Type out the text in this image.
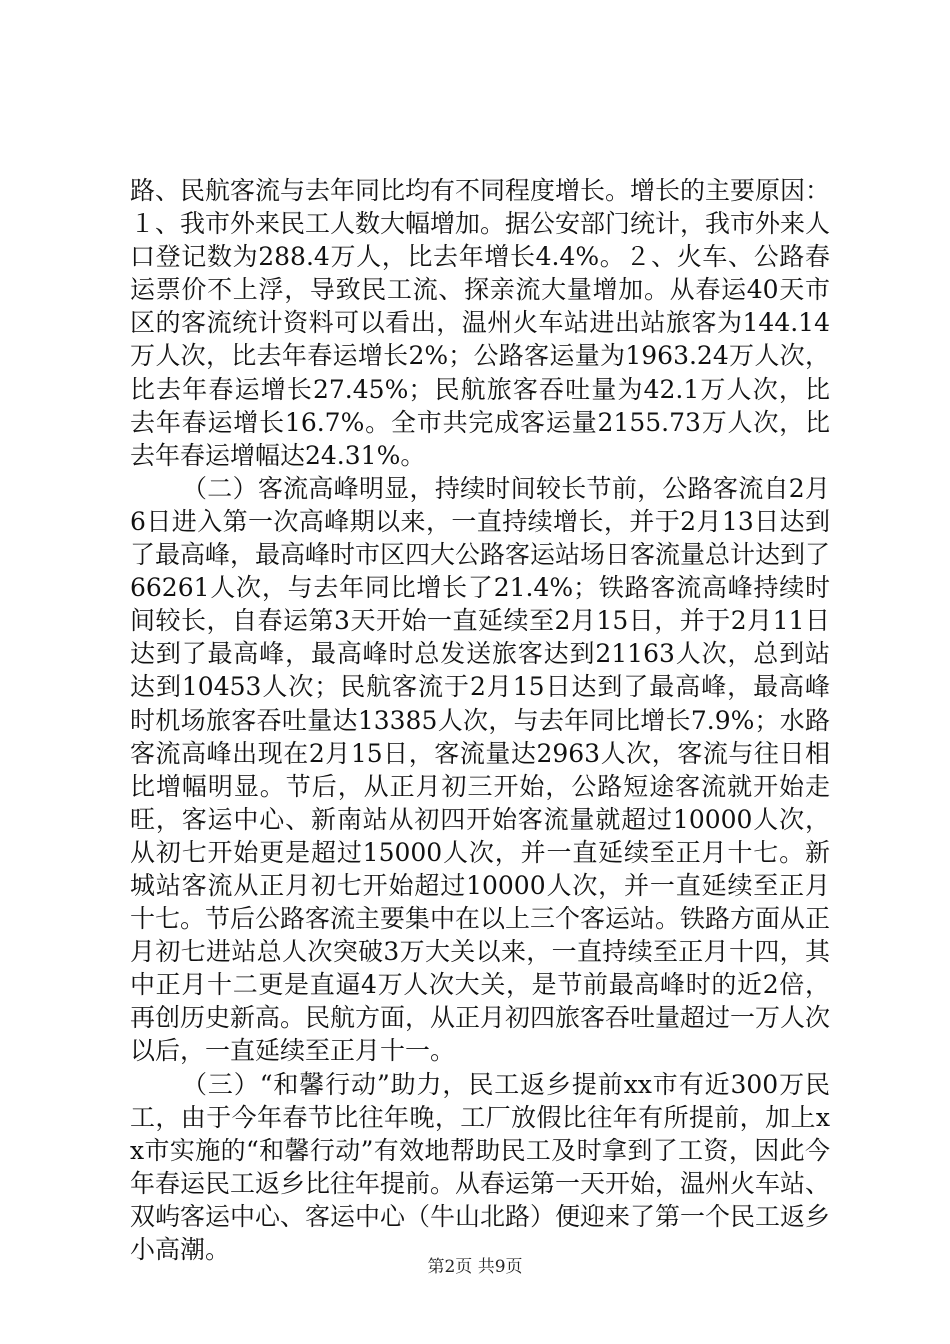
路、民航客流与去年同比均有不同程度增长。增长的主要原因：１、我市外来民工人数大幅增加。据公安部门统计，我市外来人口登记数为288.4万人，比去年增长4.4%。２、火车、公路春运票价不上浮，导致民工流、探亲流大量增加。从春运40天市区的客流统计资料可以看出，温州火车站进出站旅客为144.14万人次，比去年春运增长2%；公路客运量为1963.24万人次，比去年春运增长27.45%；民航旅客吞吐量为42.1万人次，比去年春运增长16.7%。全市共完成客运量2155.73万人次，比去年春运增幅达24.31%。

（二）客流高峰明显，持续时间较长节前，公路客流自2月6日进入第一次高峰期以来，一直持续增长，并于2月13日达到了最高峰，最高峰时市区四大公路客运站场日客流量总计达到了66261人次，与去年同比增长了21.4%；铁路客流高峰持续时间较长，自春运第3天开始一直延续至2月15日，并于2月11日达到了最高峰，最高峰时总发送旅客达到21163人次，总到站达到10453人次；民航客流于2月15日达到了最高峰，最高峰时机场旅客吞吐量达13385人次，与去年同比增长7.9%；水路客流高峰出现在2月15日，客流量达2963人次，客流与往日相比增幅明显。节后，从正月初三开始，公路短途客流就开始走旺，客运中心、新南站从初四开始客流量就超过10000人次，从初七开始更是超过15000人次，并一直延续至正月十七。新城站客流从正月初七开始超过10000人次，并一直延续至正月十七。节后公路客流主要集中在以上三个客运站。铁路方面从正月初七进站总人次突破3万大关以来，一直持续至正月十四，其中正月十二更是直逼4万人次大关，是节前最高峰时的近2倍，再创历史新高。民航方面，从正月初四旅客吞吐量超过一万人次以后，一直延续至正月十一。

（三）“和馨行动”助力，民工返乡提前xx市有近300万民工，由于今年春节比往年晚，工厂放假比往年有所提前，加上xx市实施的“和馨行动”有效地帮助民工及时拿到了工资，因此今年春运民工返乡比往年提前。从春运第一天开始，温州火车站、双屿客运中心、客运中心（牛山北路）便迎来了第一个民工返乡小高潮。

第2页 共9页
